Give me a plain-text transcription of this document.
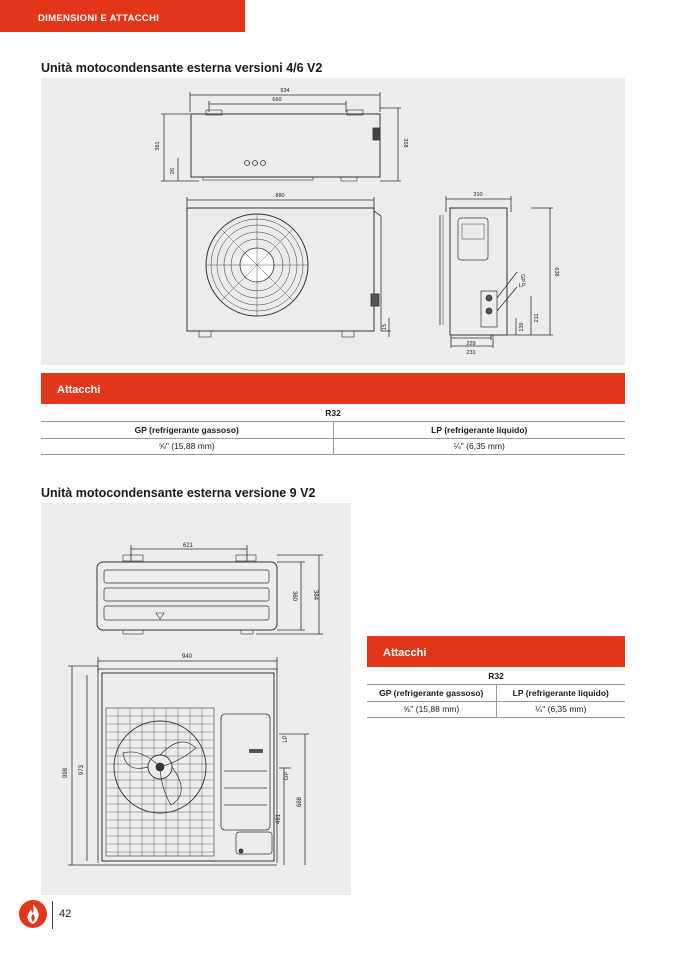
DIMENSIONI E ATTACCHI
Unità motocondensante esterna versioni 4/6 V2
934
660
361
26
358
880
15
310
638
211
139
229
231
GP
LP
Attacchi
R32	
GP (refrigerante gassoso)	LP (refrigerante liquido)
⅝" (15,88 mm)	¼" (6,35 mm)
Unità motocondensante esterna versione 9 V2
621
360	384
940
998 973
LP
GP
491
688
Attacchi
R32	
GP (refrigerante gassoso)	LP (refrigerante liquido)
⅝" (15,88 mm)	¼" (6,35 mm)
42
